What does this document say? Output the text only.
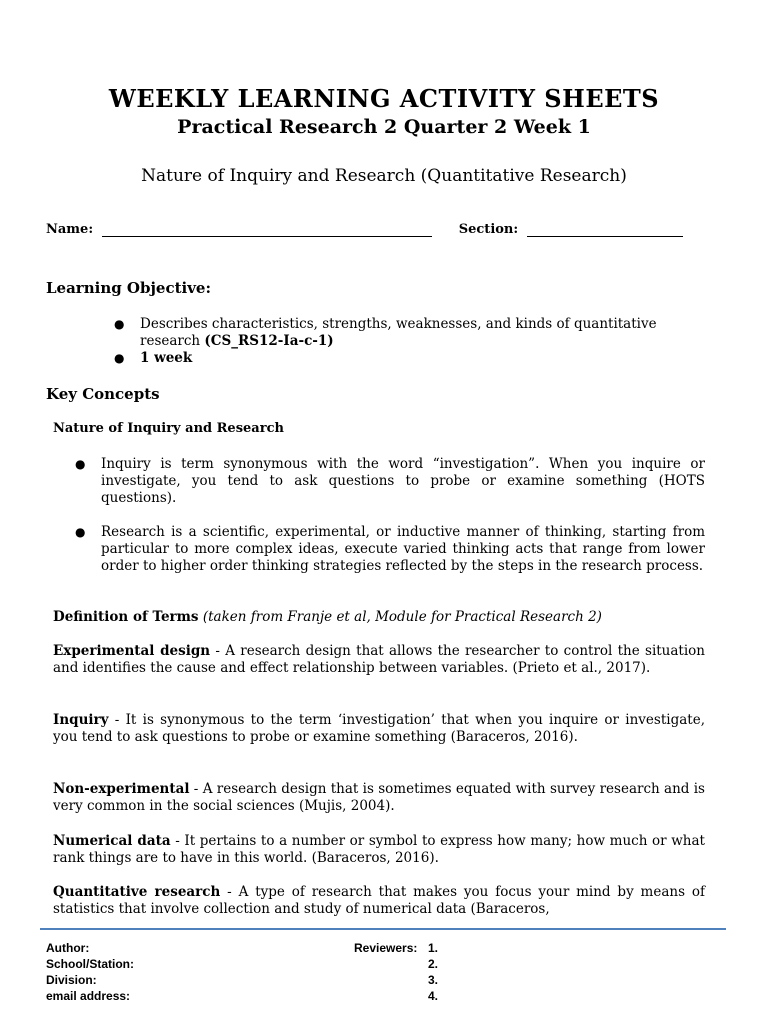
WEEKLY LEARNING ACTIVITY SHEETS
Practical Research 2 Quarter 2 Week 1
Nature of Inquiry and Research (Quantitative Research)
Name:	Section:
Learning Objective:
● Describes characteristics, strengths, weaknesses, and kinds of quantitative research (CS_RS12-Ia-c-1)
● 1 week
Key Concepts
Nature of Inquiry and Research
● Inquiry is term synonymous with the word “investigation”. When you inquire or investigate, you tend to ask questions to probe or examine something (HOTS questions).
● Research is a scientific, experimental, or inductive manner of thinking, starting from particular to more complex ideas, execute varied thinking acts that range from lower order to higher order thinking strategies reflected by the steps in the research process.
Definition of Terms (taken from Franje et al, Module for Practical Research 2)
Experimental design - A research design that allows the researcher to control the situation and identifies the cause and effect relationship between variables. (Prieto et al., 2017).
Inquiry - It is synonymous to the term ‘investigation’ that when you inquire or investigate, you tend to ask questions to probe or examine something (Baraceros, 2016).
Non-experimental - A research design that is sometimes equated with survey research and is very common in the social sciences (Mujis, 2004).
Numerical data - It pertains to a number or symbol to express how many; how much or what rank things are to have in this world. (Baraceros, 2016).
Quantitative research - A type of research that makes you focus your mind by means of statistics that involve collection and study of numerical data (Baraceros,
Author:
School/Station:
Division:
email address:
Reviewers: 1.
2.
3.
4.
